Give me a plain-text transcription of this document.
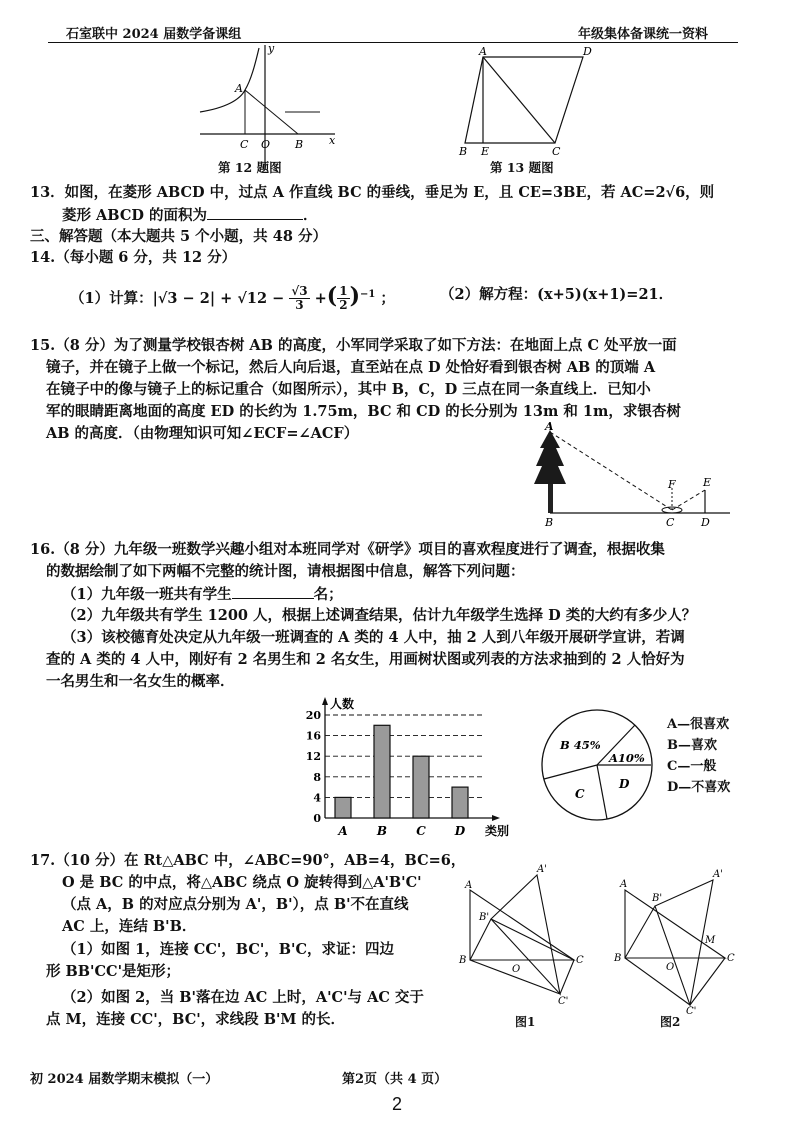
石室联中 2024 届数学备课组	年级集体备课统一资料
y
x
A
C O B
第 12 题图
A	D
B E	C
第 13 题图
13．如图，在菱形 ABCD 中，过点 A 作直线 BC 的垂线，垂足为 E，且 CE=3BE，若 AC=2√6，则
菱形 ABCD 的面积为	．
三、解答题（本大题共 5 个小题，共 48 分）
14.（每小题 6 分，共 12 分）
（1）计算：$|√3 - 2| + √12 - \frac{√3}{3}$ +( $\frac{1}{2} )^{-1}$ ；	（2）解方程：(x+5)(x+1)=21．
15.（8 分）为了测量学校银杏树 AB 的高度，小军同学采取了如下方法：在地面上点 C 处平放一面
镜子，并在镜子上做一个标记，然后人向后退，直至站在点 D 处恰好看到银杏树 AB 的顶端 A
在镜子中的像与镜子上的标记重合（如图所示），其中 B，C，D 三点在同一条直线上．已知小
军的眼睛距离地面的高度 ED 的长约为 1.75m，BC 和 CD 的长分别为 13m 和 1m，求银杏树
AB 的高度．（由物理知识可知∠ECF=∠ACF）	A
F E
B	C D
16.（8 分）九年级一班数学兴趣小组对本班同学对《研学》项目的喜欢程度进行了调查，根据收集
的数据绘制了如下两幅不完整的统计图，请根据图中信息，解答下列问题：
（1）九年级一班共有学生	名；
（2）九年级共有学生 1200 人，根据上述调查结果，估计九年级学生选择 D 类的大约有多少人？
（3）该校德育处决定从九年级一班调查的 A 类的 4 人中，抽 2 人到八年级开展研学宣讲，若调
查的 A 类的 4 人中，刚好有 2 名男生和 2 名女生，用画树状图或列表的方法求抽到的 2 人恰好为
一名男生和一名女生的概率．
人数
类别
0
4
8
12
16
20
A B C D
B 45%
A10%
C
D
A—很喜欢
B—喜欢
C—一般
D—不喜欢
17.（10 分）在 Rt△ABC 中，∠ABC=90°，AB=4，BC=6，
O 是 BC 的中点，将△ABC 绕点 O 旋转得到△A'B'C'
（点 A，B 的对应点分别为 A'，B'），点 B'不在直线
AC 上，连结 B'B．
（1）如图 1，连接 CC'，BC'，B'C，求证：四边
形 BB'CC'是矩形；
（2）如图 2，当 B'落在边 AC 上时，A'C'与 AC 交于
点 M，连接 CC'，BC'，求线段 B'M 的长．
A
A'
B'
B
O
C
C'
图1
A
A'
B'
M
B
O
C
C'
图2
初 2024 届数学期末模拟（一）	第2页（共 4 页）
2
